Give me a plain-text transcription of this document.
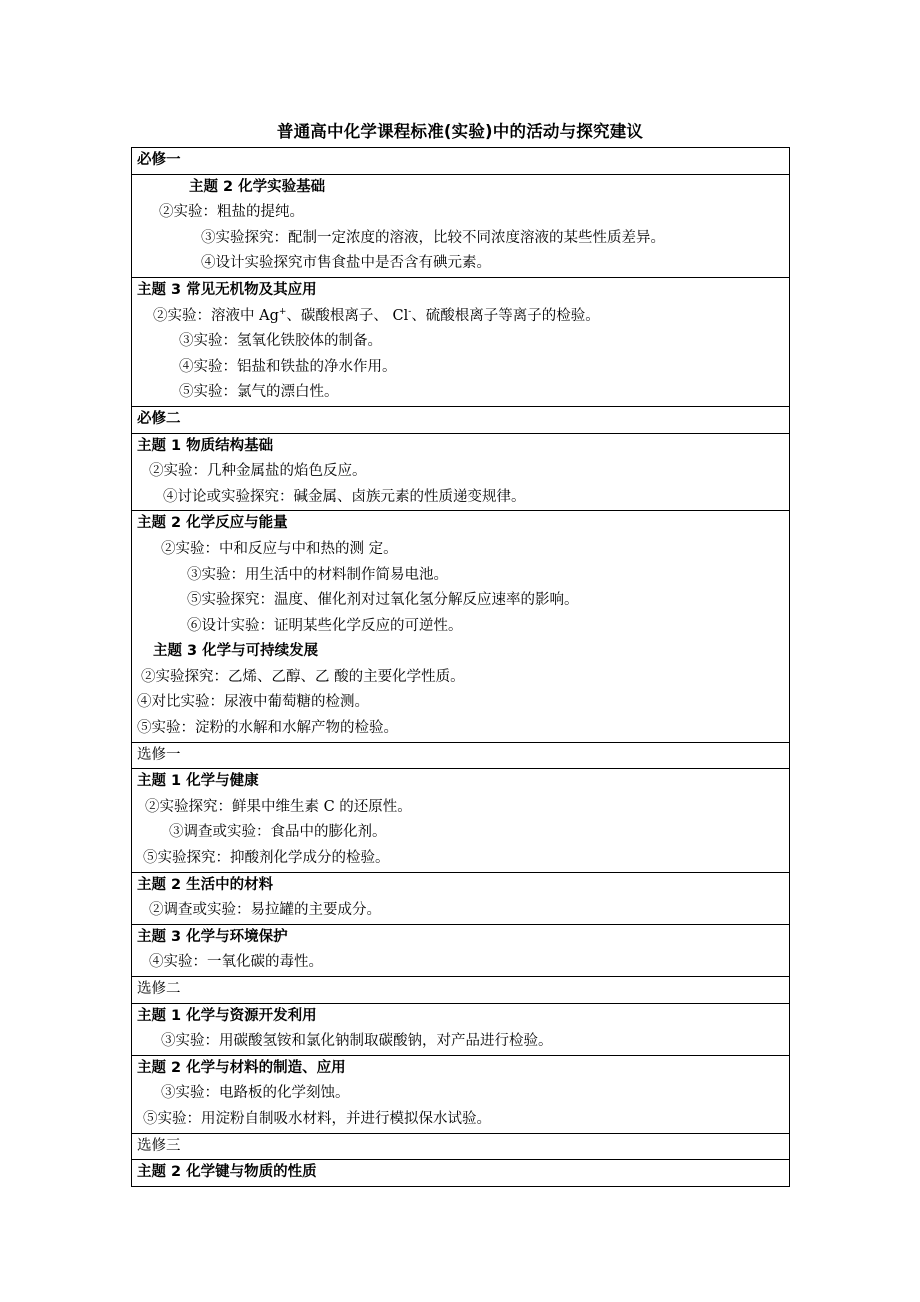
普通高中化学课程标准(实验)中的活动与探究建议
必修一

主题 2 化学实验基础
②实验：粗盐的提纯。
③实验探究：配制一定浓度的溶液，比较不同浓度溶液的某些性质差异。
④设计实验探究市售食盐中是否含有碘元素。

主题 3 常见无机物及其应用
②实验：溶液中 Ag+、碳酸根离子、 Cl-、硫酸根离子等离子的检验。
③实验：氢氧化铁胶体的制备。
④实验：铝盐和铁盐的净水作用。
⑤实验：氯气的漂白性。

必修二

主题 1 物质结构基础
②实验：几种金属盐的焰色反应。
④讨论或实验探究：碱金属、卤族元素的性质递变规律。

主题 2 化学反应与能量
②实验：中和反应与中和热的测 定。
③实验：用生活中的材料制作简易电池。
⑤实验探究：温度、催化剂对过氧化氢分解反应速率的影响。
⑥设计实验：证明某些化学反应的可逆性。
主题 3 化学与可持续发展
②实验探究：乙烯、乙醇、乙 酸的主要化学性质。
④对比实验：尿液中葡萄糖的检测。
⑤实验：淀粉的水解和水解产物的检验。

选修一

主题 1 化学与健康
②实验探究：鲜果中维生素 C 的还原性。
③调查或实验：食品中的膨化剂。
⑤实验探究：抑酸剂化学成分的检验。

主题 2 生活中的材料
②调查或实验：易拉罐的主要成分。

主题 3 化学与环境保护
④实验：一氧化碳的毒性。

选修二

主题 1 化学与资源开发利用
③实验：用碳酸氢铵和氯化钠制取碳酸钠，对产品进行检验。

主题 2 化学与材料的制造、应用
③实验：电路板的化学刻蚀。
⑤实验：用淀粉自制吸水材料，并进行模拟保水试验。

选修三

主题 2 化学键与物质的性质
